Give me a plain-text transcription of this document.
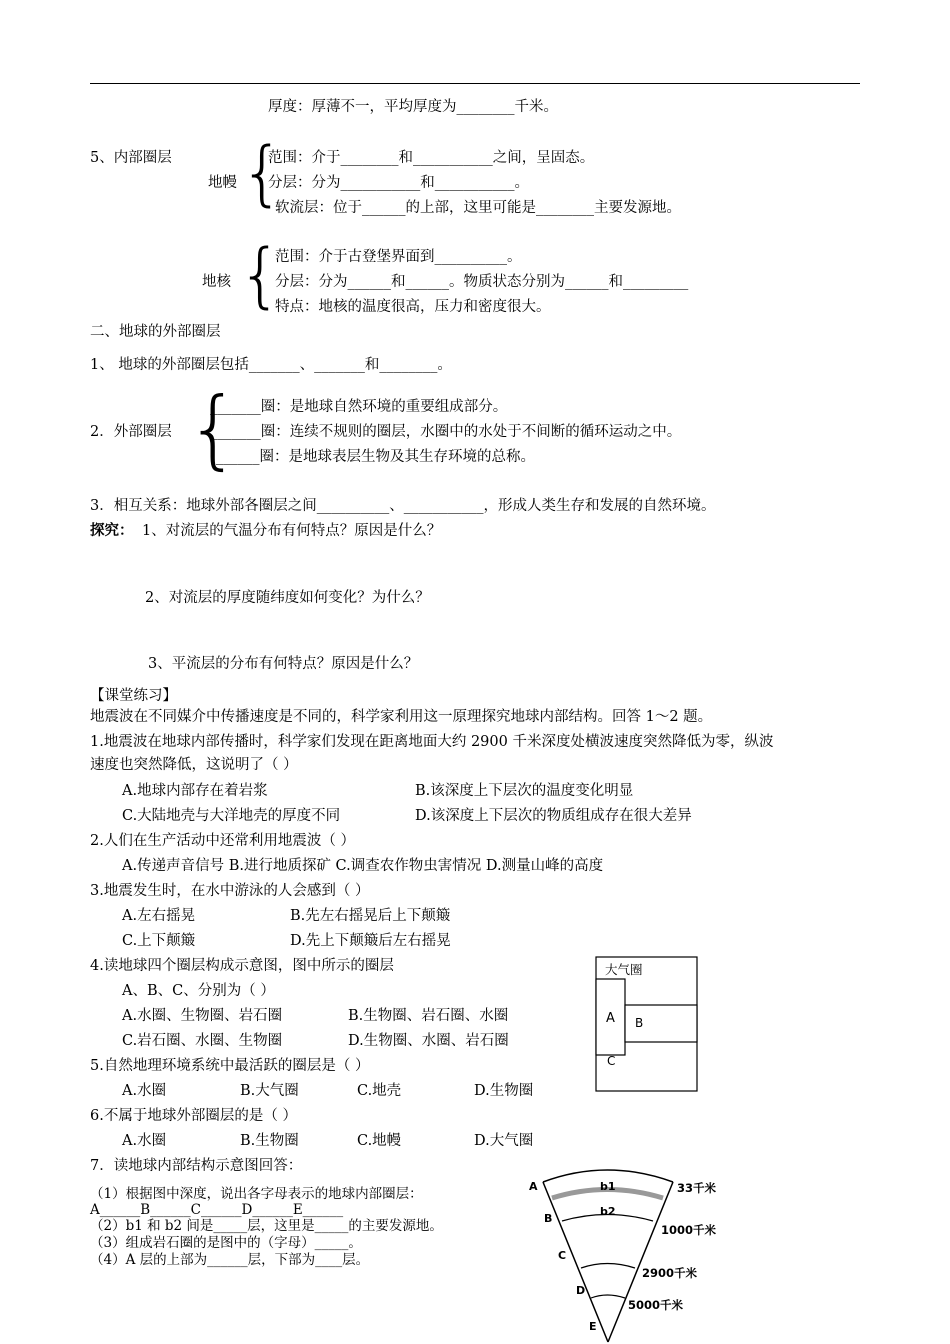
厚度：厚薄不一，平均厚度为________千米。
5、内部圈层
地幔 {
范围：介于________和___________之间，呈固态。
分层：分为___________和___________。
软流层：位于______的上部，这里可能是________主要发源地。
地核 {
范围：介于古登堡界面到__________。
分层：分为______和______。物质状态分别为______和_________
特点：地核的温度很高，压力和密度很大。
二、地球的外部圈层
1、 地球的外部圈层包括_______、_______和________。
2．外部圈层 {
_______圈：是地球自然环境的重要组成部分。
_______圈：连续不规则的圈层，水圈中的水处于不间断的循环运动之中。
______圈：是地球表层生物及其生存环境的总称。
3．相互关系：地球外部各圈层之间__________、___________，形成人类生存和发展的自然环境。
探究： 1、对流层的气温分布有何特点？原因是什么？
2、对流层的厚度随纬度如何变化？为什么？
3、平流层的分布有何特点？原因是什么？
【课堂练习】
地震波在不同媒介中传播速度是不同的，科学家利用这一原理探究地球内部结构。回答 1～2 题。
1.地震波在地球内部传播时，科学家们发现在距离地面大约 2900 千米深度处横波速度突然降低为零，纵波
速度也突然降低，这说明了（ ）
A.地球内部存在着岩浆	B.该深度上下层次的温度变化明显
C.大陆地壳与大洋地壳的厚度不同	D.该深度上下层次的物质组成存在很大差异
2.人们在生产活动中还常利用地震波（ ）
A.传递声音信号 B.进行地质探矿 C.调查农作物虫害情况 D.测量山峰的高度
3.地震发生时，在水中游泳的人会感到（ ）
A.左右摇晃	B.先左右摇晃后上下颠簸
C.上下颠簸	D.先上下颠簸后左右摇晃
4.读地球四个圈层构成示意图，图中所示的圈层
A、B、C、分别为（ ）
A.水圈、生物圈、岩石圈	B.生物圈、岩石圈、水圈
C.岩石圈、水圈、生物圈	D.生物圈、水圈、岩石圈
5.自然地理环境系统中最活跃的圈层是（ ）
A.水圈	B.大气圈	C.地壳	D.生物圈
6.不属于地球外部圈层的是（ ）
A.水圈	B.生物圈	C.地幔	D.大气圈
7．读地球内部结构示意图回答：
（1）根据图中深度，说出各字母表示的地球内部圈层：
A______B______C______D______E______
（2）b1 和 b2 间是_____层，这里是_____的主要发源地。
（3）组成岩石圈的是图中的（字母）_____。
（4）A 层的上部为______层，下部为____层。
大气圈
A B
C
A	b1
B
b2
C
D
E
33千米
1000千米
2900千米
5000千米
